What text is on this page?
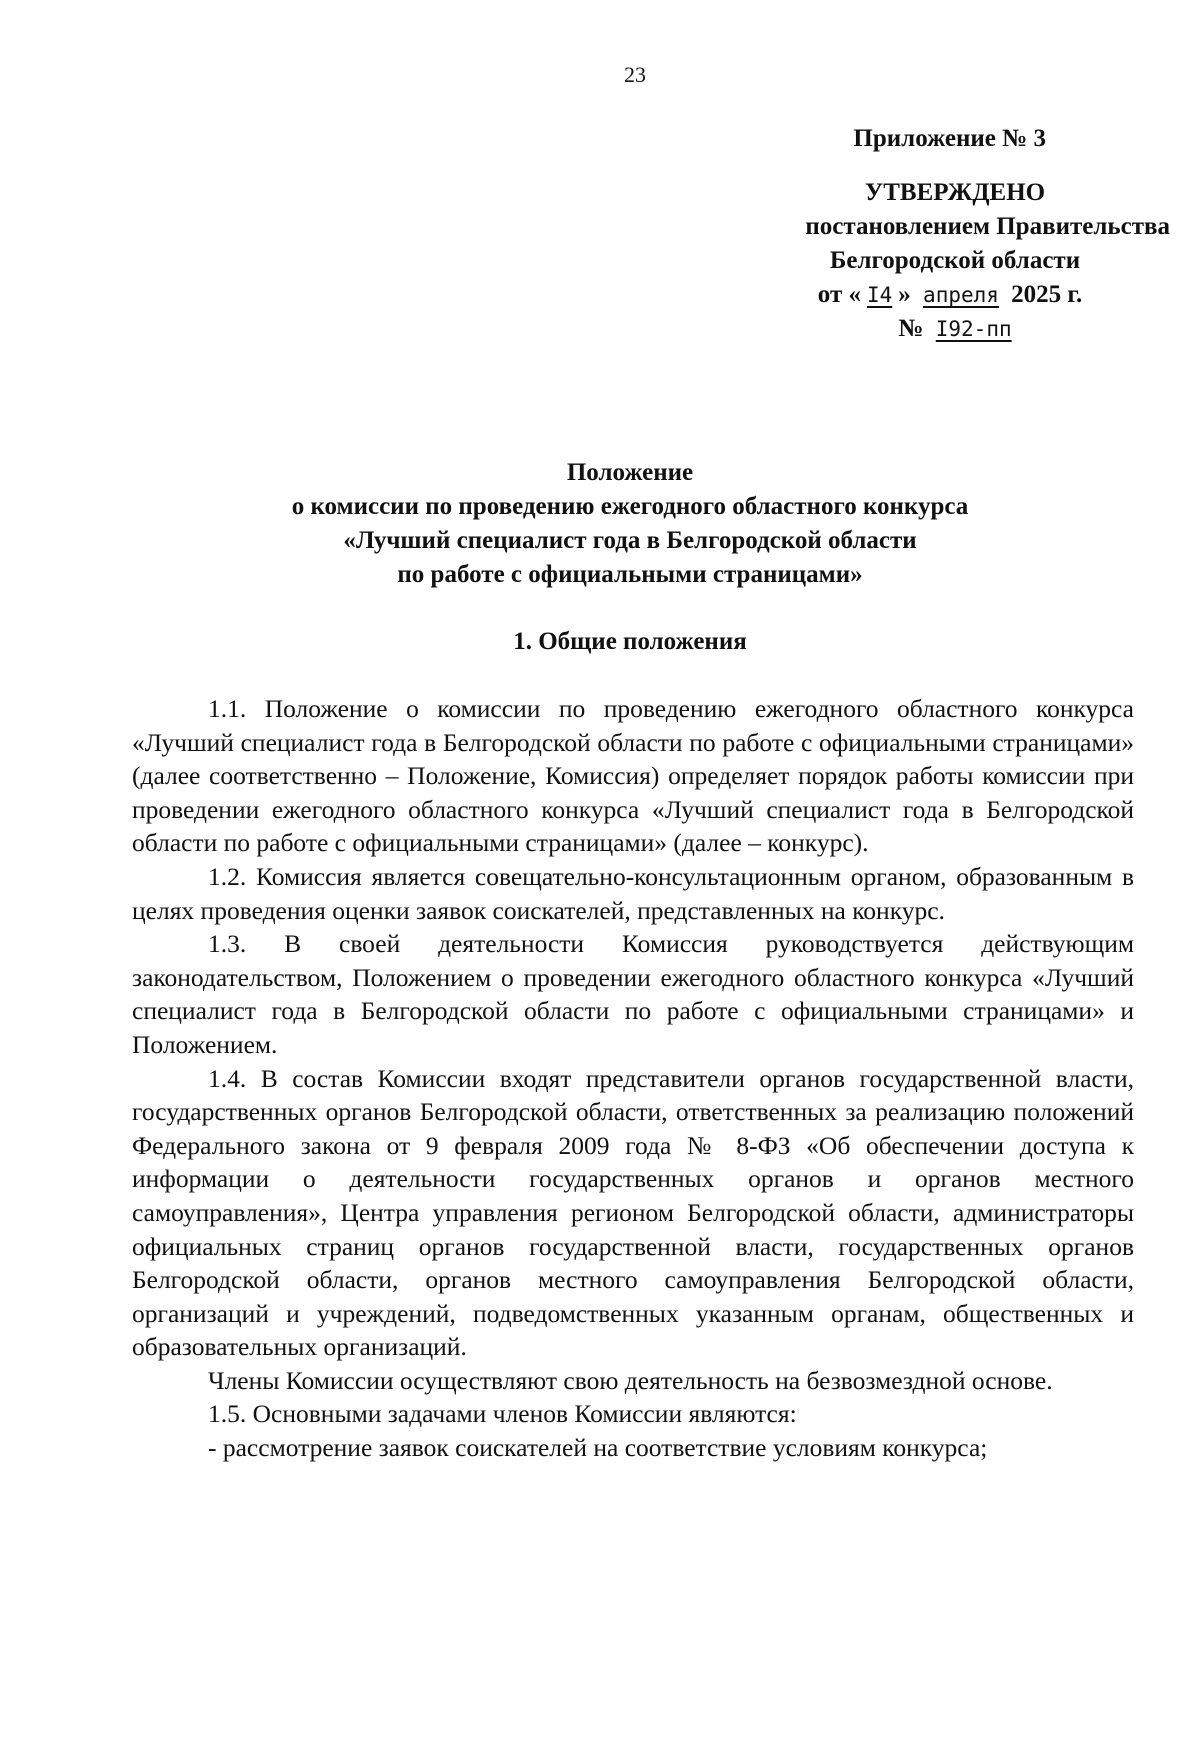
23
Приложение № 3
УТВЕРЖДЕНО
постановлением Правительства
Белгородской области
от « I4 » апреля 2025 г.
№ I92-пп
Положение
о комиссии по проведению ежегодного областного конкурса
«Лучший специалист года в Белгородской области
по работе с официальными страницами»
1. Общие положения

1.1. Положение о комиссии по проведению ежегодного областного конкурса «Лучший специалист года в Белгородской области по работе с официальными страницами» (далее соответственно – Положение, Комиссия) определяет порядок работы комиссии при проведении ежегодного областного конкурса «Лучший специалист года в Белгородской области по работе с официальными страницами» (далее – конкурс).

1.2. Комиссия является совещательно-консультационным органом, образованным в целях проведения оценки заявок соискателей, представленных на конкурс.

1.3. В своей деятельности Комиссия руководствуется действующим законодательством, Положением о проведении ежегодного областного конкурса «Лучший специалист года в Белгородской области по работе с официальными страницами» и Положением.

1.4. В состав Комиссии входят представители органов государственной власти, государственных органов Белгородской области, ответственных за реализацию положений Федерального закона от 9 февраля 2009 года № 8-ФЗ «Об обеспечении доступа к информации о деятельности государственных органов и органов местного самоуправления», Центра управления регионом Белгородской области, администраторы официальных страниц органов государственной власти, государственных органов Белгородской области, органов местного самоуправления Белгородской области, организаций и учреждений, подведомственных указанным органам, общественных и образовательных организаций.

Члены Комиссии осуществляют свою деятельность на безвозмездной основе.

1.5. Основными задачами членов Комиссии являются:

- рассмотрение заявок соискателей на соответствие условиям конкурса;
